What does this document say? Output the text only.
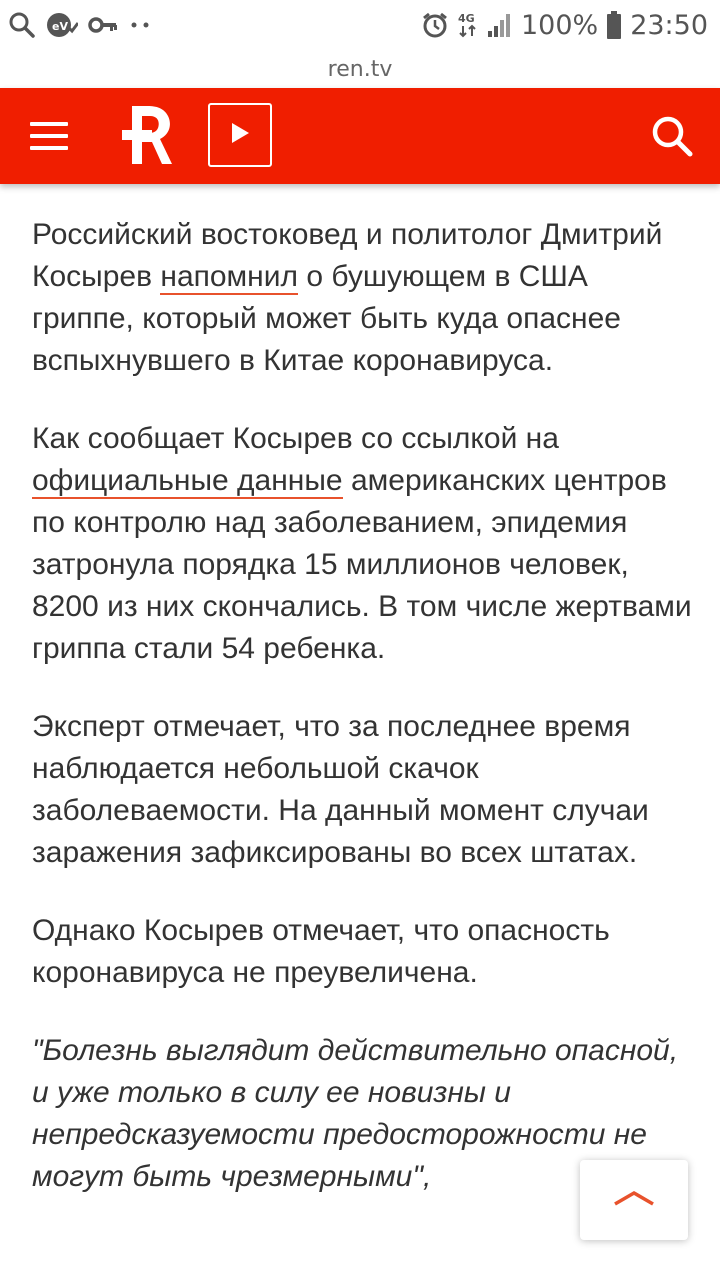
eV
4G 100% 23:50
ren.tv

Российский востоковед и политолог Дмитрий Косырев напомнил о бушующем в США гриппе, который может быть куда опаснее вспыхнувшего в Китае коронавируса.

Как сообщает Косырев со ссылкой на официальные данные американских центров по контролю над заболеванием, эпидемия затронула порядка 15 миллионов человек, 8200 из них скончались. В том числе жертвами гриппа стали 54 ребенка.

Эксперт отмечает, что за последнее время наблюдается небольшой скачок заболеваемости. На данный момент случаи заражения зафиксированы во всех штатах.

Однако Косырев отмечает, что опасность коронавируса не преувеличена.

"Болезнь выглядит действительно опасной, и уже только в силу ее новизны и непредсказуемости предосторожности не могут быть чрезмерными",
